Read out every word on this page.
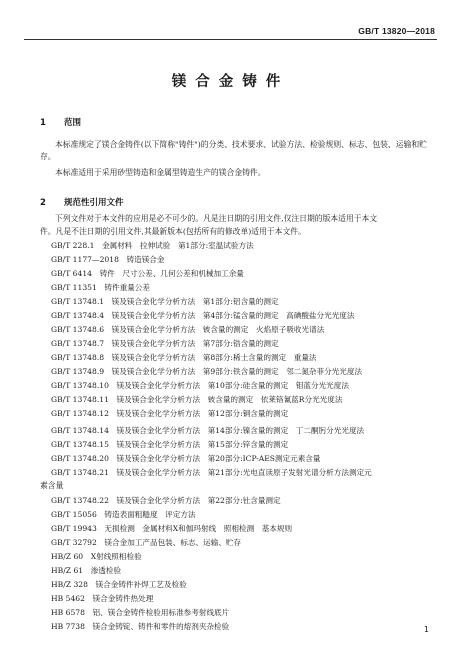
GB/T 13820—2018
镁合金铸件
1 范围
本标准规定了镁合金铸件(以下简称"铸件")的分类、技术要求、试验方法、检验规则、标志、包装、运输和贮存。
本标准适用于采用砂型铸造和金属型铸造生产的镁合金铸件。
2 规范性引用文件
下列文件对于本文件的应用是必不可少的。凡是注日期的引用文件,仅注日期的版本适用于本文
件。凡是不注日期的引用文件,其最新版本(包括所有的修改单)适用于本文件。
GB/T 228.1　金属材料　拉伸试验　第1部分:室温试验方法
GB/T 1177—2018　铸造镁合金
GB/T 6414　铸件　尺寸公差、几何公差和机械加工余量
GB/T 11351　铸件重量公差
GB/T 13748.1　镁及镁合金化学分析方法　第1部分:铝含量的测定
GB/T 13748.4　镁及镁合金化学分析方法　第4部分:锰含量的测定　高碘酸盐分光光度法
GB/T 13748.6　镁及镁合金化学分析方法　铍含量的测定　火焰原子吸收光谱法
GB/T 13748.7　镁及镁合金化学分析方法　第7部分:锆含量的测定
GB/T 13748.8　镁及镁合金化学分析方法　第8部分:稀土含量的测定　重量法
GB/T 13748.9　镁及镁合金化学分析方法　第9部分:铁含量的测定　邻二氮杂菲分光光度法
GB/T 13748.10　镁及镁合金化学分析方法　第10部分:硅含量的测定　钼蓝分光光度法
GB/T 13748.11　镁及镁合金化学分析方法　铍含量的测定　依莱铬氰蓝R分光光度法
GB/T 13748.12　镁及镁合金化学分析方法　第12部分:铜含量的测定
GB/T 13748.14　镁及镁合金化学分析方法　第14部分:镍含量的测定　丁二酮肟分光光度法
GB/T 13748.15　镁及镁合金化学分析方法　第15部分:锌含量的测定
GB/T 13748.20　镁及镁合金化学分析方法　第20部分:ICP-AES测定元素含量
GB/T 13748.21　镁及镁合金化学分析方法　第21部分:光电直读原子发射光谱分析方法测定元
素含量
GB/T 13748.22　镁及镁合金化学分析方法　第22部分:钍含量测定
GB/T 15056　铸造表面粗糙度　评定方法
GB/T 19943　无损检测　金属材料X和伽玛射线　照相检测　基本规则
GB/T 32792　镁合金加工产品包装、标志、运输、贮存
HB/Z 60　X射线照相检验
HB/Z 61　渗透检验
HB/Z 328　镁合金铸件补焊工艺及检验
HB 5462　镁合金铸件热处理
HB 6578　铝、镁合金铸件检验用标准参考射线底片
HB 7738　镁合金铸锭、铸件和零件的熔剂夹杂检验	1
